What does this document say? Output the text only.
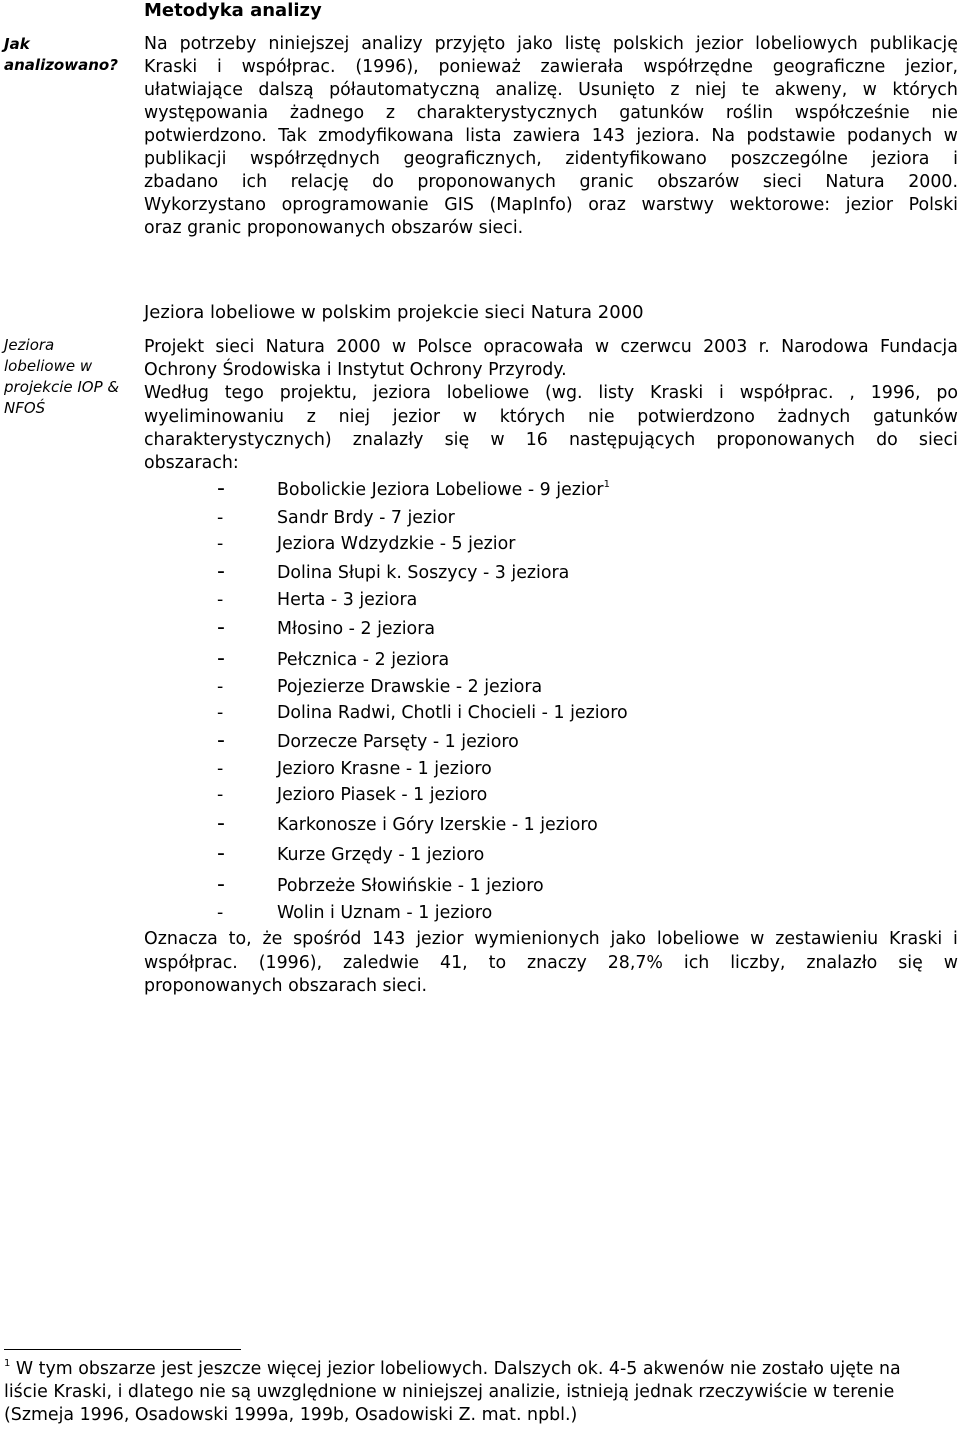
Metodyka analizy
Jak
analizowano?
Na potrzeby niniejszej analizy przyjęto jako listę polskich jezior lobeliowych publikację
Kraski i współprac. (1996), ponieważ zawierała współrzędne geograficzne jezior,
ułatwiające dalszą półautomatyczną analizę. Usunięto z niej te akweny, w których
występowania żadnego z charakterystycznych gatunków roślin współcześnie nie
potwierdzono. Tak zmodyfikowana lista zawiera 143 jeziora. Na podstawie podanych w
publikacji współrzędnych geograficznych, zidentyfikowano poszczególne jeziora i
zbadano ich relację do proponowanych granic obszarów sieci Natura 2000.
Wykorzystano oprogramowanie GIS (MapInfo) oraz warstwy wektorowe: jezior Polski
oraz granic proponowanych obszarów sieci.
Jeziora lobeliowe w polskim projekcie sieci Natura 2000
Jeziora
lobeliowe w
projekcie IOP &
NFOŚ
Projekt sieci Natura 2000 w Polsce opracowała w czerwcu 2003 r. Narodowa Fundacja
Ochrony Środowiska i Instytut Ochrony Przyrody.
Według tego projektu, jeziora lobeliowe (wg. listy Kraski i współprac. , 1996, po
wyeliminowaniu z niej jezior w których nie potwierdzono żadnych gatunków
charakterystycznych) znalazły się w 16 następujących proponowanych do sieci
obszarach:
-	Bobolickie Jeziora Lobeliowe - 9 jezior$^1$
-	Sandr Brdy - 7 jezior
-	Jeziora Wdzydzkie - 5 jezior
-	Dolina Słupi k. Soszycy - 3 jeziora
-	Herta - 3 jeziora
-	Młosino - 2 jeziora
-	Pełcznica - 2 jeziora
-	Pojezierze Drawskie - 2 jeziora
-	Dolina Radwi, Chotli i Chocieli - 1 jezioro
-	Dorzecze Parsęty - 1 jezioro
-	Jezioro Krasne - 1 jezioro
-	Jezioro Piasek - 1 jezioro
-	Karkonosze i Góry Izerskie - 1 jezioro
-	Kurze Grzędy - 1 jezioro
-	Pobrzeże Słowińskie - 1 jezioro
-	Wolin i Uznam - 1 jezioro
Oznacza to, że spośród 143 jezior wymienionych jako lobeliowe w zestawieniu Kraski i
współprac. (1996), zaledwie 41, to znaczy 28,7% ich liczby, znalazło się w
proponowanych obszarach sieci.
$^1$ W tym obszarze jest jeszcze więcej jezior lobeliowych. Dalszych ok. 4-5 akwenów nie zostało ujęte na
liście Kraski, i dlatego nie są uwzględnione w niniejszej analizie, istnieją jednak rzeczywiście w terenie
(Szmeja 1996, Osadowski 1999a, 199b, Osadowiski Z. mat. npbl.)
